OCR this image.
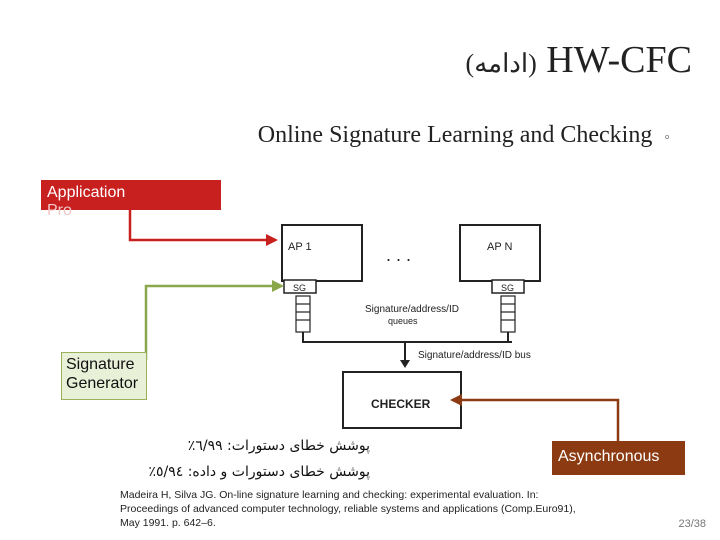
(ادامه) HW-CFC
Online Signature Learning and Checking ◦
AP 1	AP N
. . .
SG	SG
Signature/address/ID
queues
Signature/address/ID bus
CHECKER
Application
Pro
Signature
Generator
Asynchronous
پوشش خطای دستورات: ٦/٩٩٪
پوشش خطای دستورات و داده: ٥/٩٤٪
Madeira H, Silva JG. On-line signature learning and checking: experimental evaluation. In:
Proceedings of advanced computer technology, reliable systems and applications (Comp.Euro91),
May 1991. p. 642–6.	23/38
